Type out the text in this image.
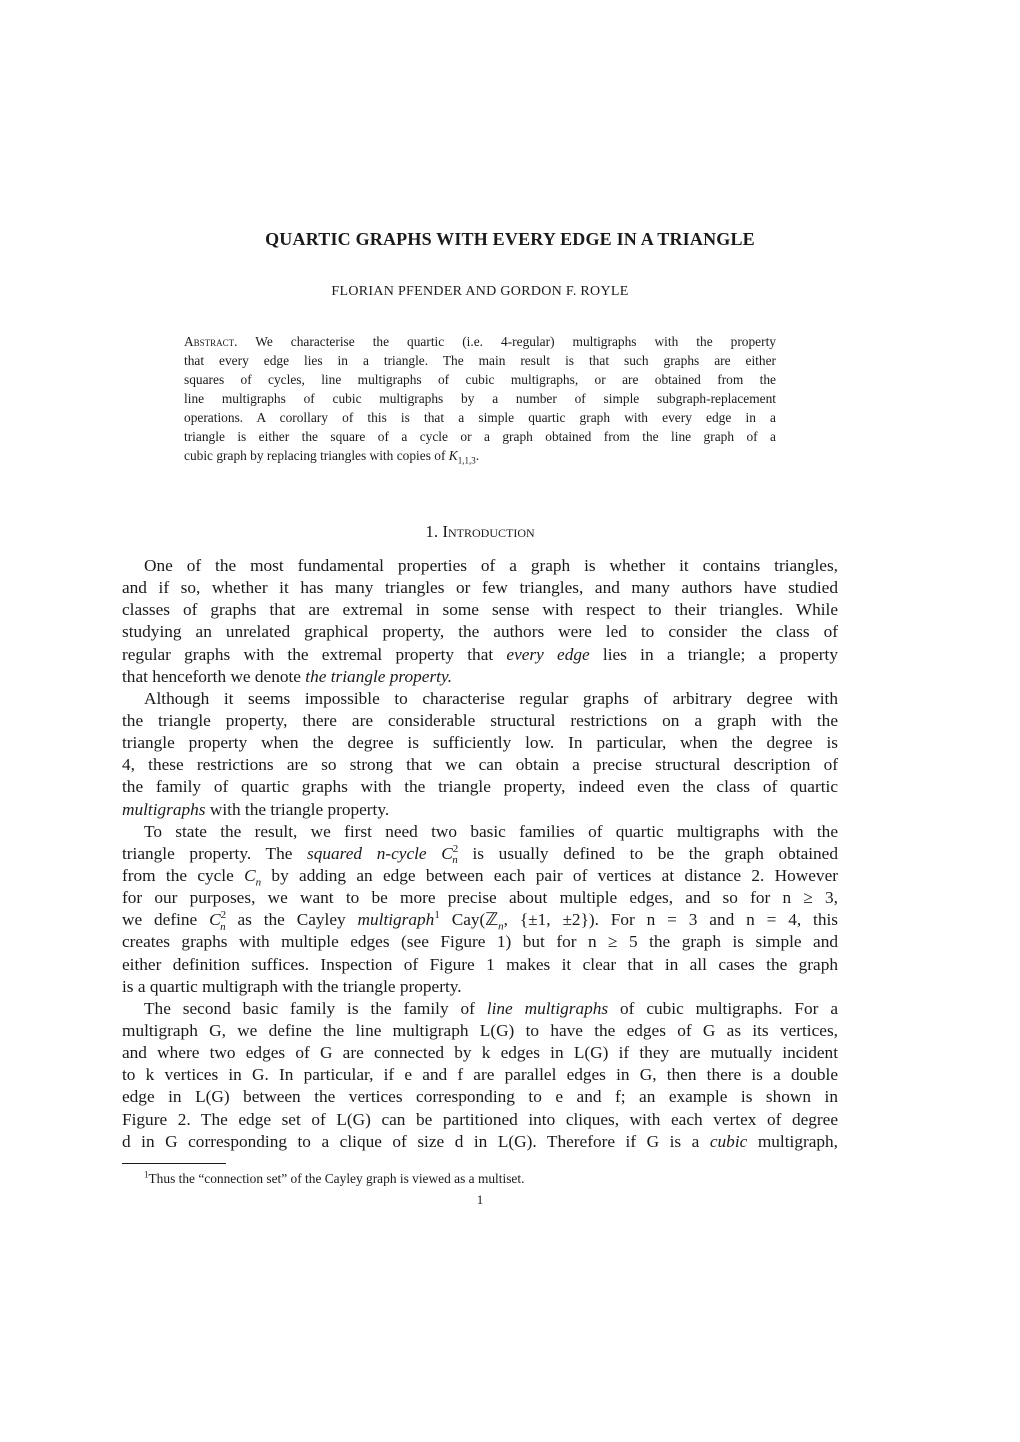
QUARTIC GRAPHS WITH EVERY EDGE IN A TRIANGLE
FLORIAN PFENDER AND GORDON F. ROYLE
Abstract. We characterise the quartic (i.e. 4-regular) multigraphs with the property
that every edge lies in a triangle. The main result is that such graphs are either
squares of cycles, line multigraphs of cubic multigraphs, or are obtained from the
line multigraphs of cubic multigraphs by a number of simple subgraph-replacement
operations. A corollary of this is that a simple quartic graph with every edge in a
triangle is either the square of a cycle or a graph obtained from the line graph of a
cubic graph by replacing triangles with copies of $K_{1,1,3}$.
1. Introduction
One of the most fundamental properties of a graph is whether it contains triangles,
and if so, whether it has many triangles or few triangles, and many authors have studied
classes of graphs that are extremal in some sense with respect to their triangles. While
studying an unrelated graphical property, the authors were led to consider the class of
regular graphs with the extremal property that every edge lies in a triangle; a property
that henceforth we denote the triangle property.
Although it seems impossible to characterise regular graphs of arbitrary degree with
the triangle property, there are considerable structural restrictions on a graph with the
triangle property when the degree is sufficiently low. In particular, when the degree is
4, these restrictions are so strong that we can obtain a precise structural description of
the family of quartic graphs with the triangle property, indeed even the class of quartic
multigraphs with the triangle property.
To state the result, we first need two basic families of quartic multigraphs with the
triangle property. The squared n-cycle $C^2_n$ is usually defined to be the graph obtained
from the cycle $C_n$ by adding an edge between each pair of vertices at distance 2. However
for our purposes, we want to be more precise about multiple edges, and so for n ≥ 3,
we define $C^2_n$ as the Cayley multigraph$^1$ Cay(ℤ$_n$, {±1, ±2}). For n = 3 and n = 4, this
creates graphs with multiple edges (see Figure 1) but for n ≥ 5 the graph is simple and
either definition suffices. Inspection of Figure 1 makes it clear that in all cases the graph
is a quartic multigraph with the triangle property.
The second basic family is the family of line multigraphs of cubic multigraphs. For a
multigraph G, we define the line multigraph L(G) to have the edges of G as its vertices,
and where two edges of G are connected by k edges in L(G) if they are mutually incident
to k vertices in G. In particular, if e and f are parallel edges in G, then there is a double
edge in L(G) between the vertices corresponding to e and f; an example is shown in
Figure 2. The edge set of L(G) can be partitioned into cliques, with each vertex of degree
d in G corresponding to a clique of size d in L(G). Therefore if G is a cubic multigraph,
$^1$Thus the “connection set” of the Cayley graph is viewed as a multiset.
1
